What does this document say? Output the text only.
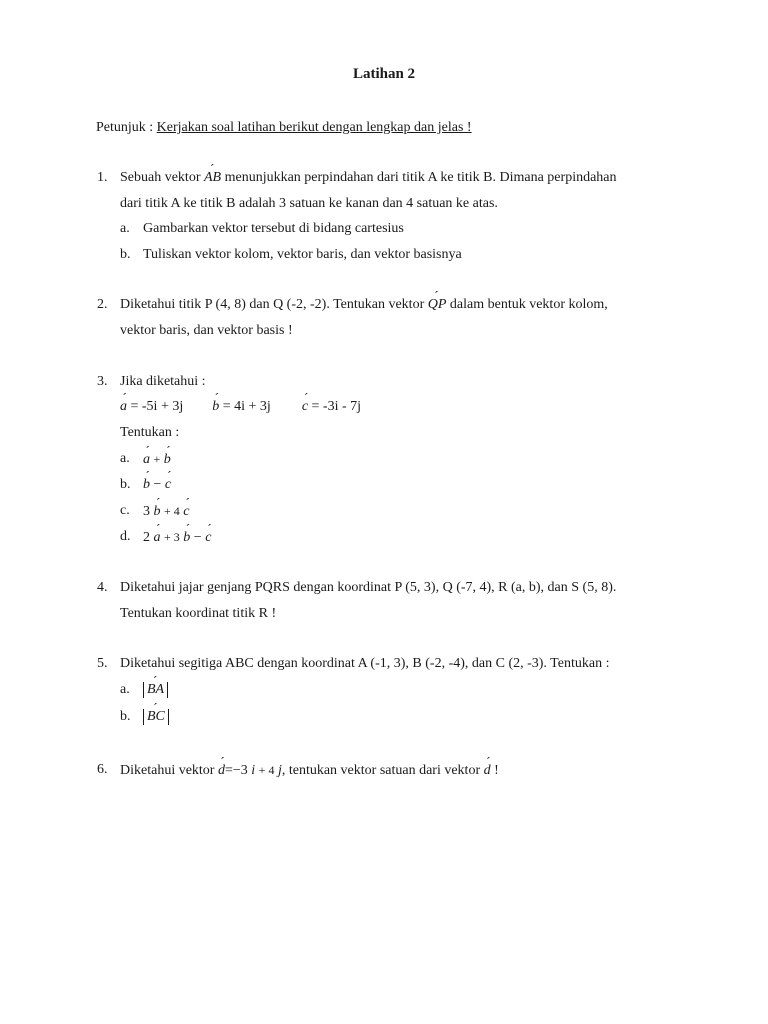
Latihan 2
Petunjuk : Kerjakan soal latihan berikut dengan lengkap dan jelas !
1. Sebuah vektor ´ AB menunjukkan perpindahan dari titik A ke titik B. Dimana perpindahan
dari titik A ke titik B adalah 3 satuan ke kanan dan 4 satuan ke atas.
a. Gambarkan vektor tersebut di bidang cartesius
b. Tuliskan vektor kolom, vektor baris, dan vektor basisnya
2. Diketahui titik P (4, 8) dan Q (-2, -2). Tentukan vektor ´ QP dalam bentuk vektor kolom,
vektor baris, dan vektor basis !
3. Jika diketahui :
´ a = -5i + 3j ´ b = 4i + 3j ´ c = -3i - 7j
Tentukan :
a. ´ a + ´ b
b. ´ b − ´ c
c. 3 ´ b + 4 ´ c
d. 2 ´ a + 3 ´ b − ´ c
4. Diketahui jajar genjang PQRS dengan koordinat P (5, 3), Q (-7, 4), R (a, b), dan S (5, 8).
Tentukan koordinat titik R !
5. Diketahui segitiga ABC dengan koordinat A (-1, 3), B (-2, -4), dan C (2, -3). Tentukan :
a. ´ BA
b. ´ BC
6. Diketahui vektor ´ d=−3 i + 4 j, tentukan vektor satuan dari vektor ´ d !
